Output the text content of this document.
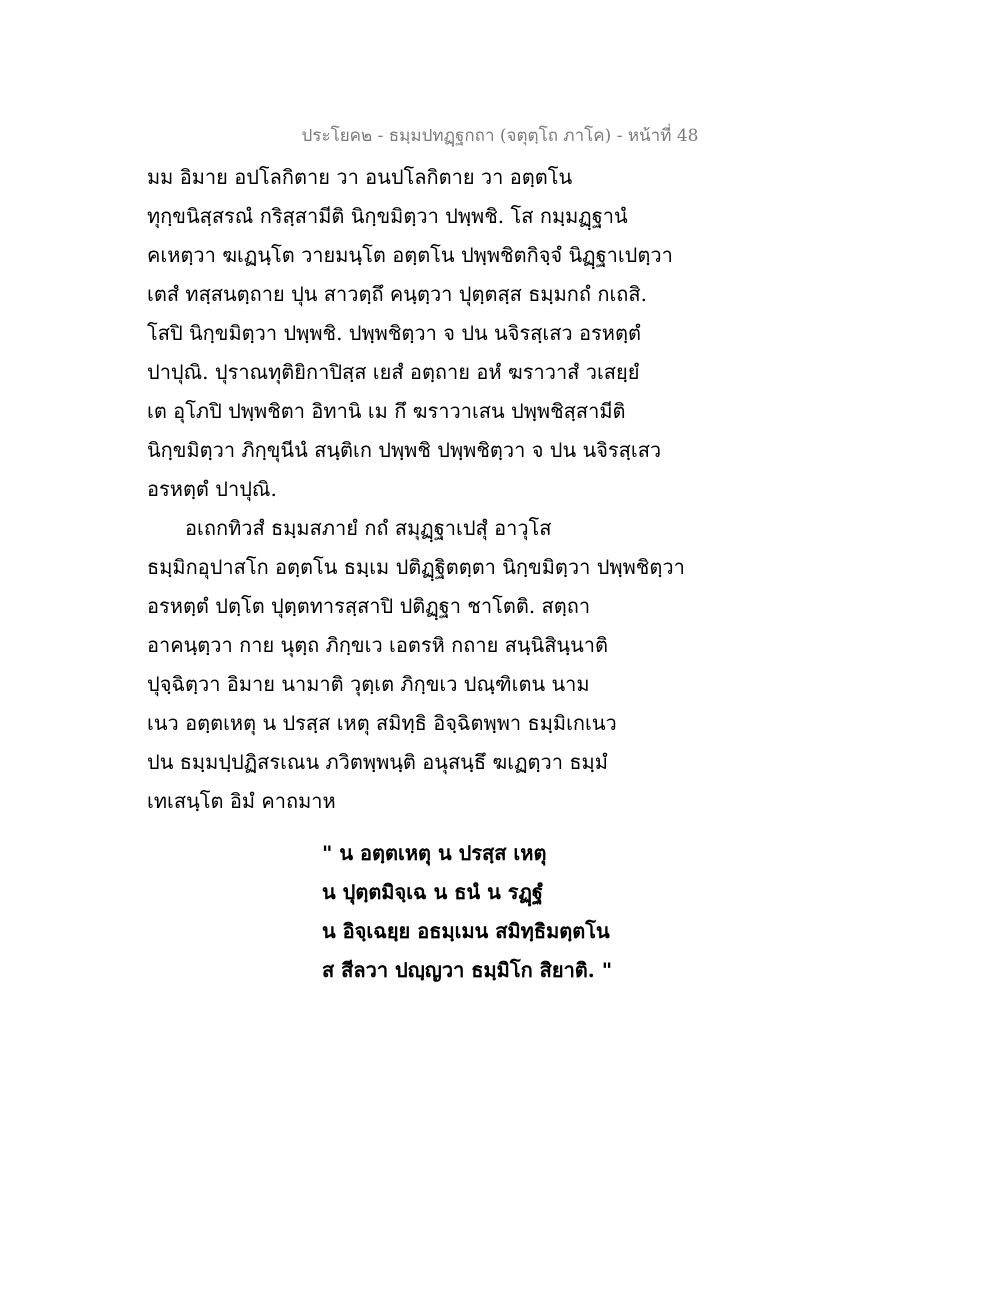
ประโยค๒ - ธมฺมปทฏฺฐกถา (จตุตฺโถ ภาโค) - หน้าที่ 48
มม อิมาย อปโลกิตาย วา อนปโลกิตาย วา อตฺตโน
ทุกฺขนิสฺสรณํ กริสฺสามีติ นิกฺขมิตฺวา ปพฺพชิ. โส กมฺมฏฺฐานํ
คเหตฺวา ฆเฏนฺโต วายมนฺโต อตฺตโน ปพฺพชิตกิจฺจํ นิฏฺฐาเปตฺวา
เตสํ ทสฺสนตฺถาย ปุน สาวตฺถึ คนฺตฺวา ปุตฺตสฺส ธมฺมกถํ กเถสิ.
โสปิ นิกฺขมิตฺวา ปพฺพชิ. ปพฺพชิตฺวา จ ปน นจิรสฺเสว อรหตฺตํ
ปาปุณิ. ปุราณทุติยิกาปิสฺส เยสํ อตฺถาย อหํ ฆราวาสํ วเสยฺยํ
เต อุโภปิ ปพฺพชิตา อิทานิ เม กึ ฆราวาเสน ปพฺพชิสฺสามีติ
นิกฺขมิตฺวา ภิกฺขุนีนํ สนฺติเก ปพฺพชิ ปพฺพชิตฺวา จ ปน นจิรสฺเสว
อรหตฺตํ ปาปุณิ.
อเถกทิวสํ ธมฺมสภายํ กถํ สมุฏฺฐาเปสุํ อาวุโส
ธมฺมิกอุปาสโก อตฺตโน ธมฺเม ปติฏฺฐิตตฺตา นิกฺขมิตฺวา ปพฺพชิตฺวา
อรหตฺตํ ปตฺโต ปุตฺตทารสฺสาปิ ปติฏฺฐา ชาโตติ. สตฺถา
อาคนฺตฺวา กาย นุตฺถ ภิกฺขเว เอตรหิ กถาย สนฺนิสินฺนาติ
ปุจฺฉิตฺวา อิมาย นามาติ วุตฺเต ภิกฺขเว ปณฺฑิเตน นาม
เนว อตฺตเหตุ น ปรสฺส เหตุ สมิทฺธิ อิจฺฉิตพฺพา ธมฺมิเกเนว
ปน ธมฺมปฺปฏิสรเณน ภวิตพฺพนฺติ อนุสนฺธึ ฆเฏตฺวา ธมฺมํ
เทเสนฺโต อิมํ คาถมาห
" น อตฺตเหตุ น ปรสฺส เหตุ
น ปุตฺตมิจฺเฉ น ธนํ น รฏฺฐํ
น อิจฺเฉยฺย อธมฺเมน สมิทฺธิมตฺตโน
ส สีลวา ปญฺญวา ธมฺมิโก สิยาติ. "
